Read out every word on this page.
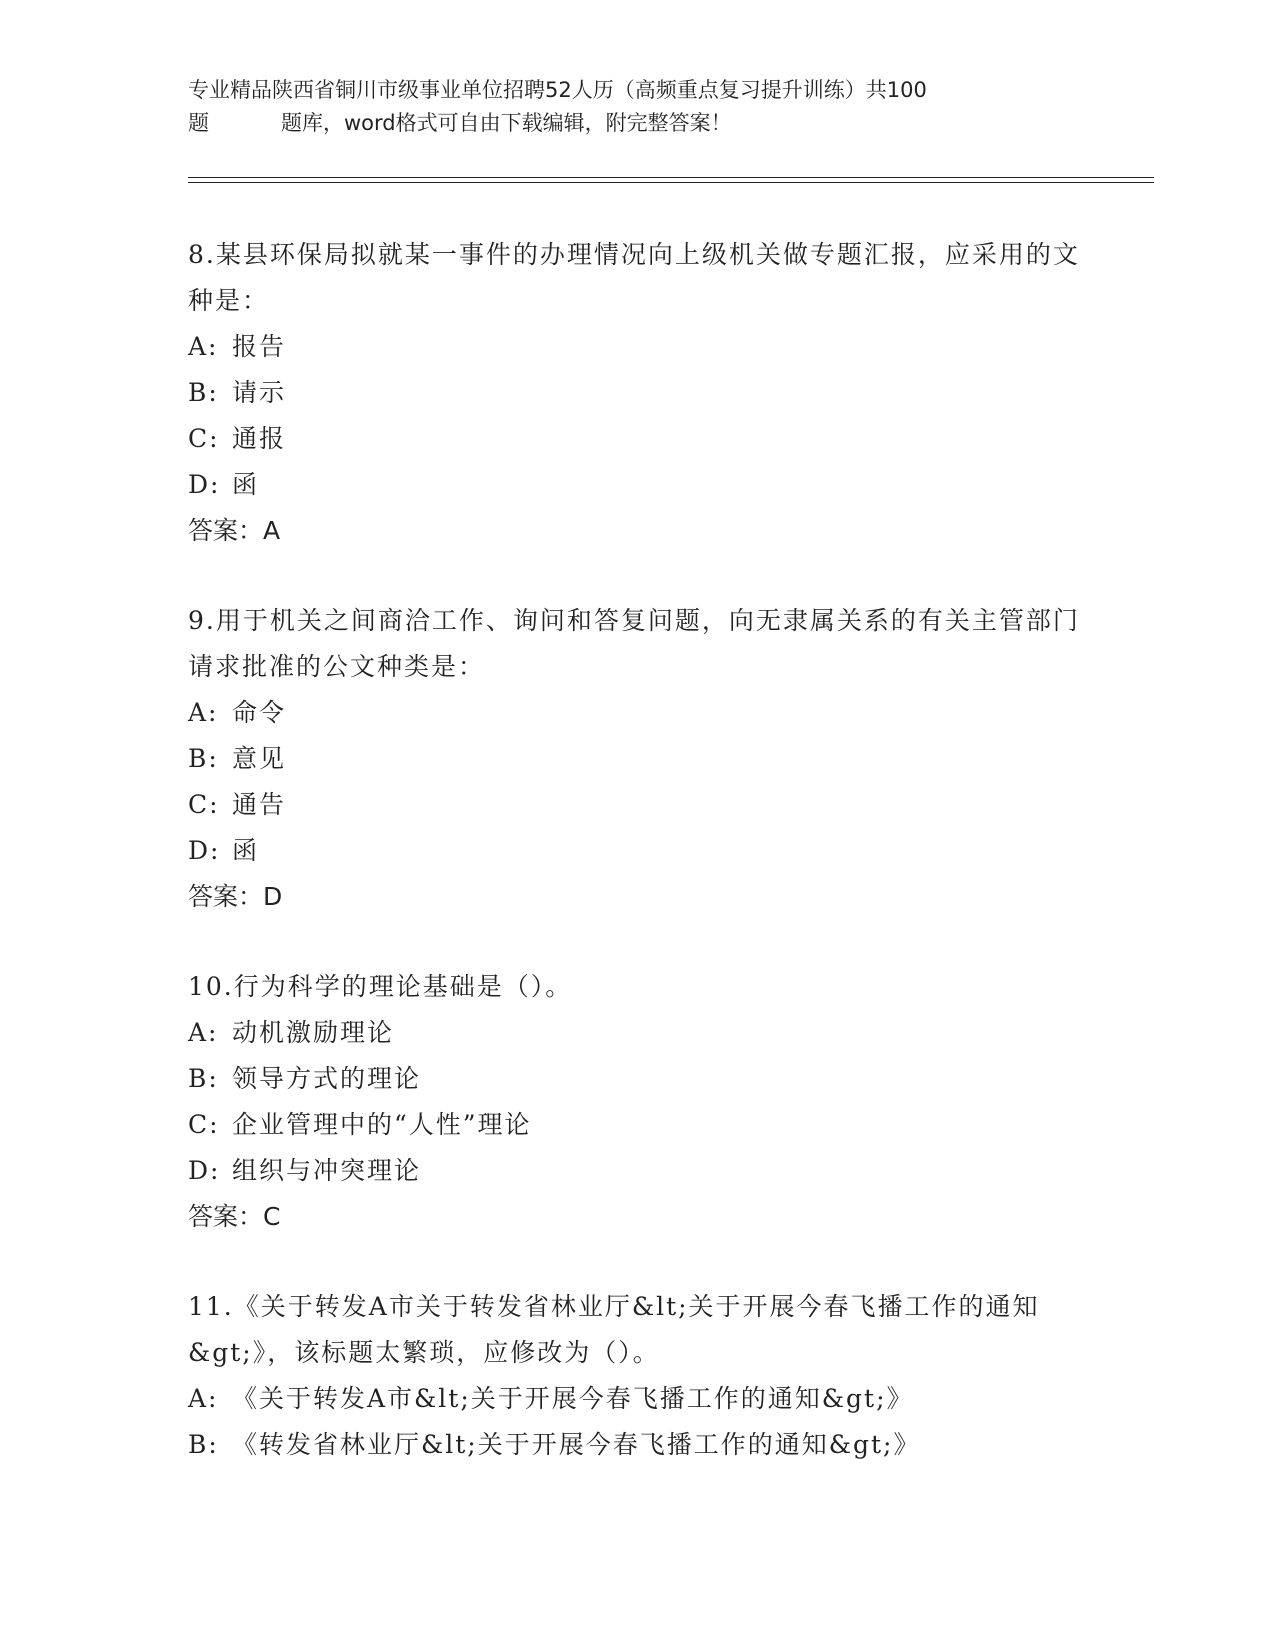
专业精品陕西省铜川市级事业单位招聘52人历（高频重点复习提升训练）共100
题	题库，word格式可自由下载编辑，附完整答案！
8.某县环保局拟就某一事件的办理情况向上级机关做专题汇报，应采用的文种是：
A: 报告
B: 请示
C: 通报
D: 函
答案：A
9.用于机关之间商洽工作、询问和答复问题，向无隶属关系的有关主管部门请求批准的公文种类是：
A: 命令
B: 意见
C: 通告
D: 函
答案：D
10.行为科学的理论基础是（）。
A: 动机激励理论
B: 领导方式的理论
C: 企业管理中的“人性”理论
D: 组织与冲突理论
答案：C
11.《关于转发A市关于转发省林业厅&lt;关于开展今春飞播工作的通知&gt;》，该标题太繁琐，应修改为（）。
A: 《关于转发A市&lt;关于开展今春飞播工作的通知&gt;》
B: 《转发省林业厅&lt;关于开展今春飞播工作的通知&gt;》
